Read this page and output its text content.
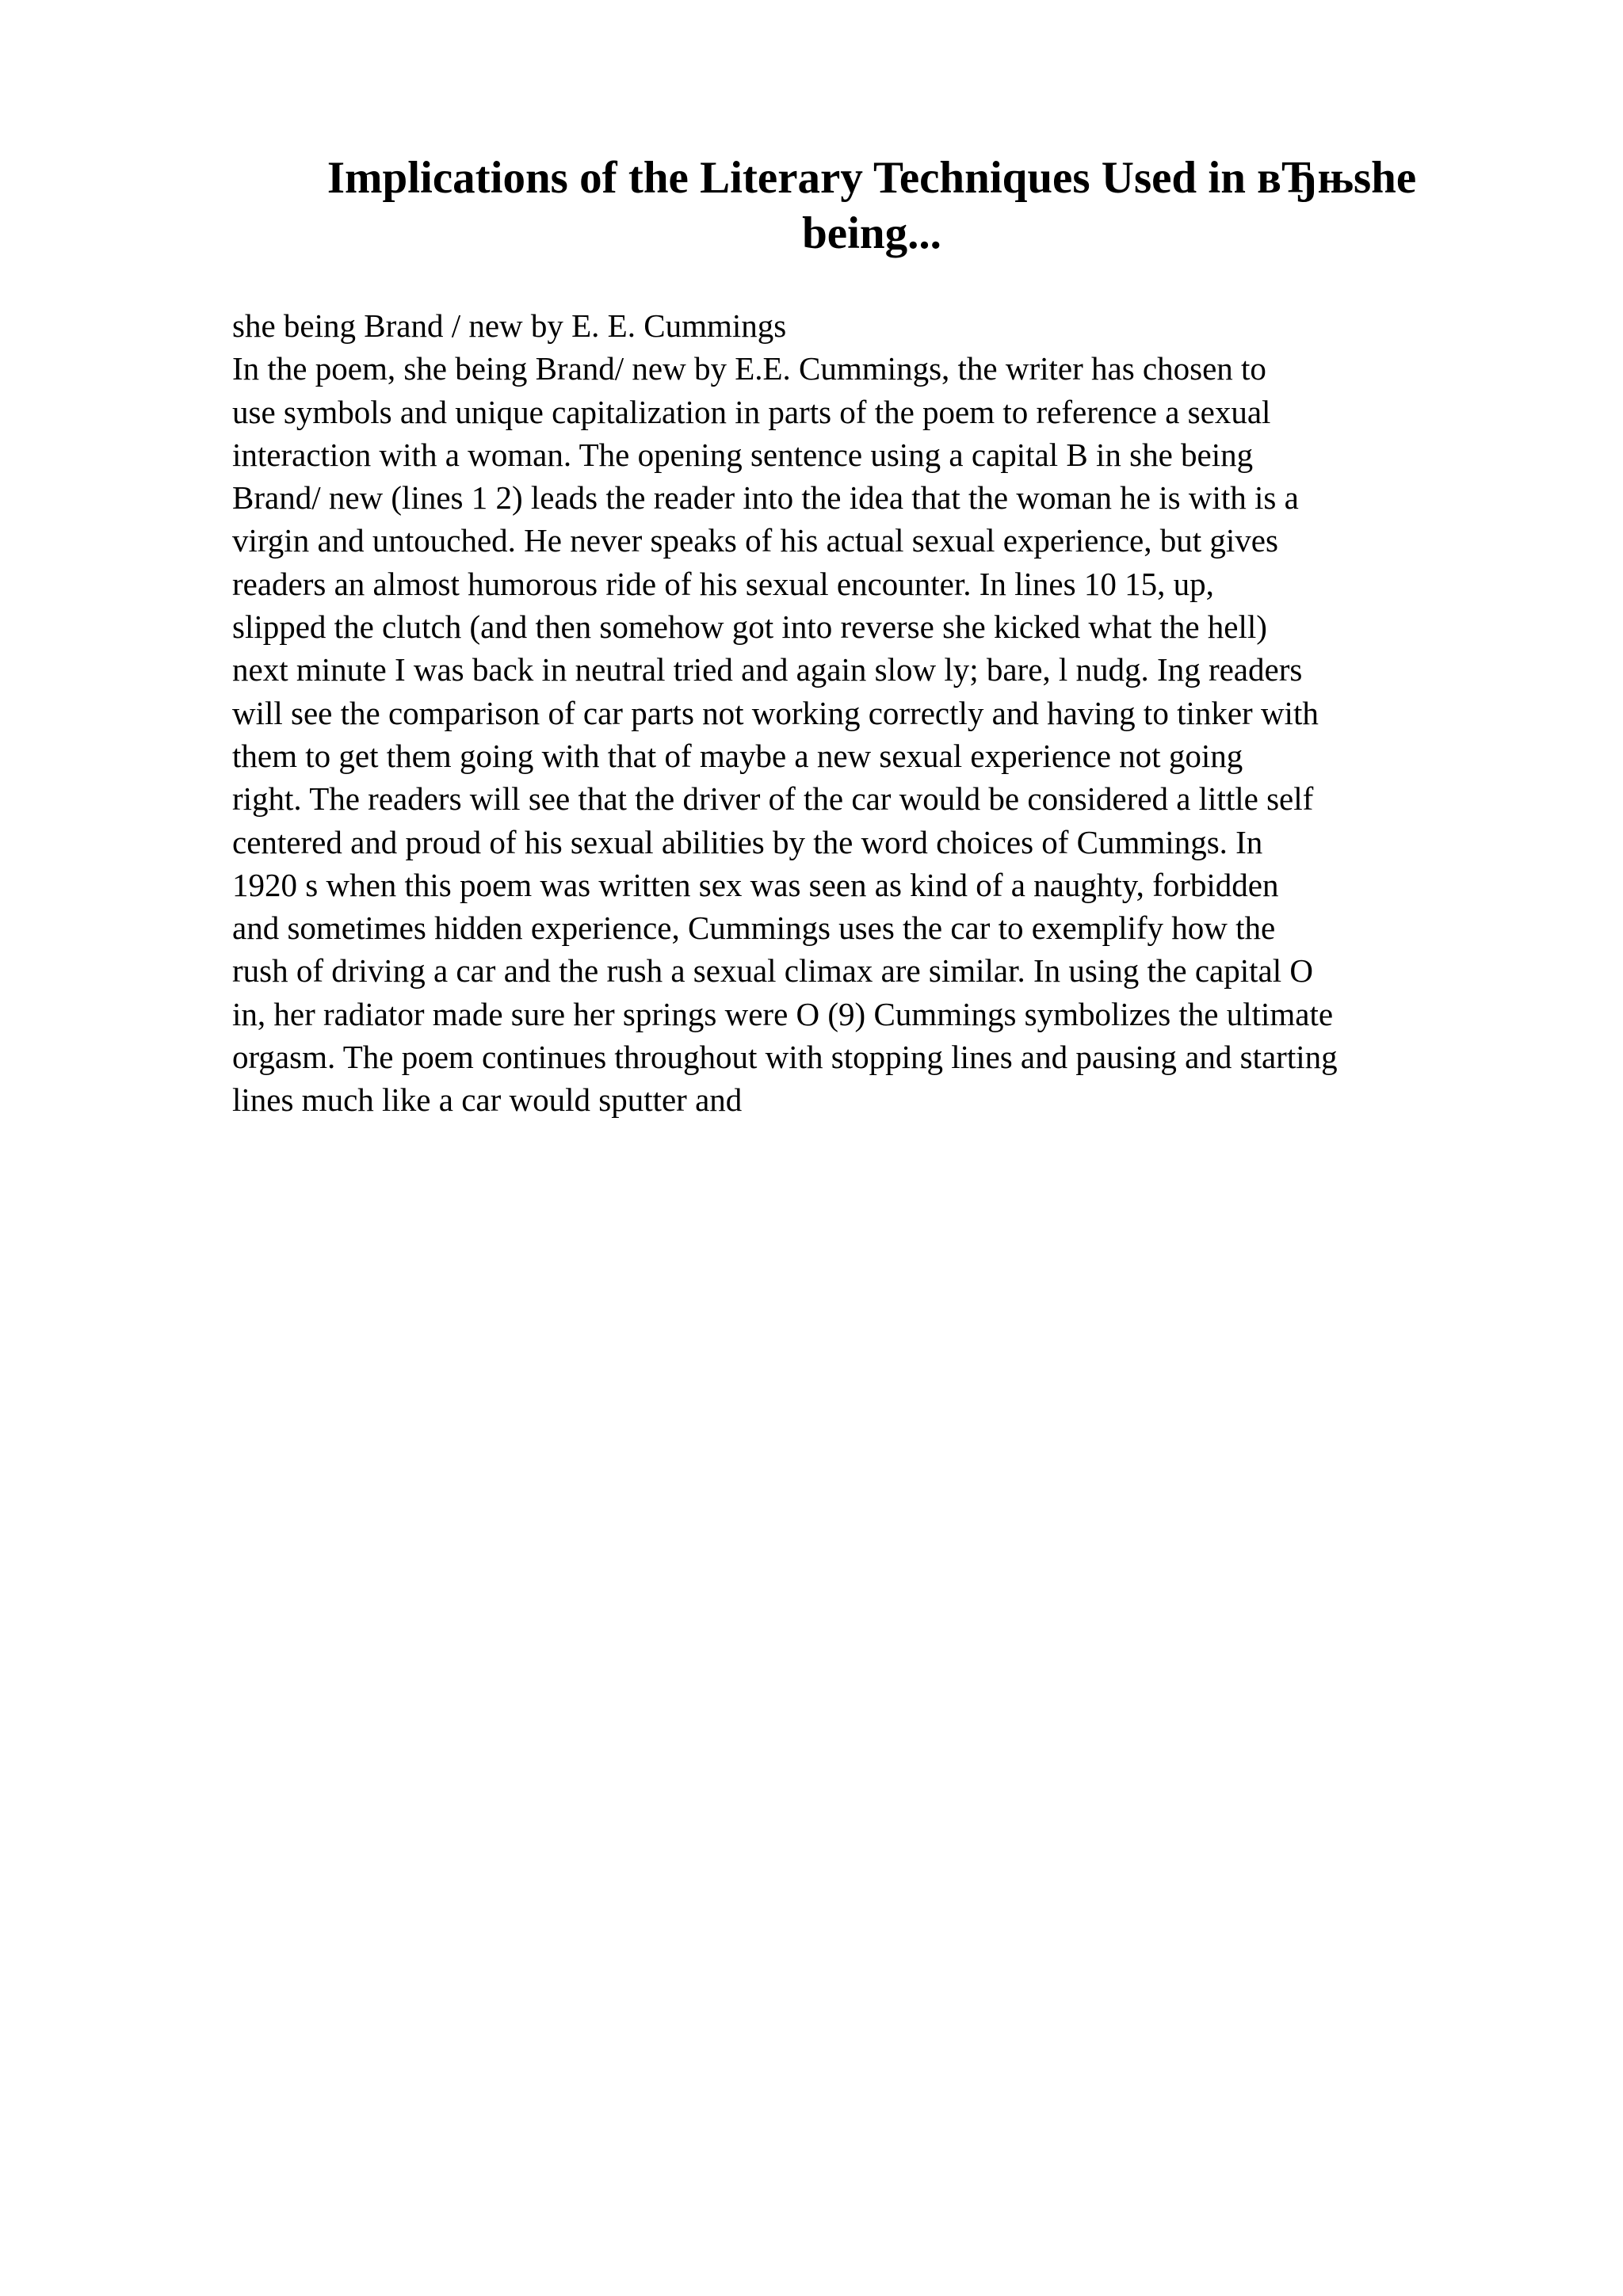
Implications of the Literary Techniques Used in вЂњshe
being...
she being Brand / new by E. E. Cummings
In the poem, she being Brand/ new by E.E. Cummings, the writer has chosen to
use symbols and unique capitalization in parts of the poem to reference a sexual
interaction with a woman. The opening sentence using a capital B in she being
Brand/ new (lines 1 2) leads the reader into the idea that the woman he is with is a
virgin and untouched. He never speaks of his actual sexual experience, but gives
readers an almost humorous ride of his sexual encounter. In lines 10 15, up,
slipped the clutch (and then somehow got into reverse she kicked what the hell)
next minute I was back in neutral tried and again slow ly; bare, l nudg. Ing readers
will see the comparison of car parts not working correctly and having to tinker with
them to get them going with that of maybe a new sexual experience not going
right. The readers will see that the driver of the car would be considered a little self
centered and proud of his sexual abilities by the word choices of Cummings. In
1920 s when this poem was written sex was seen as kind of a naughty, forbidden
and sometimes hidden experience, Cummings uses the car to exemplify how the
rush of driving a car and the rush a sexual climax are similar. In using the capital O
in, her radiator made sure her springs were O (9) Cummings symbolizes the ultimate
orgasm. The poem continues throughout with stopping lines and pausing and starting
lines much like a car would sputter and
